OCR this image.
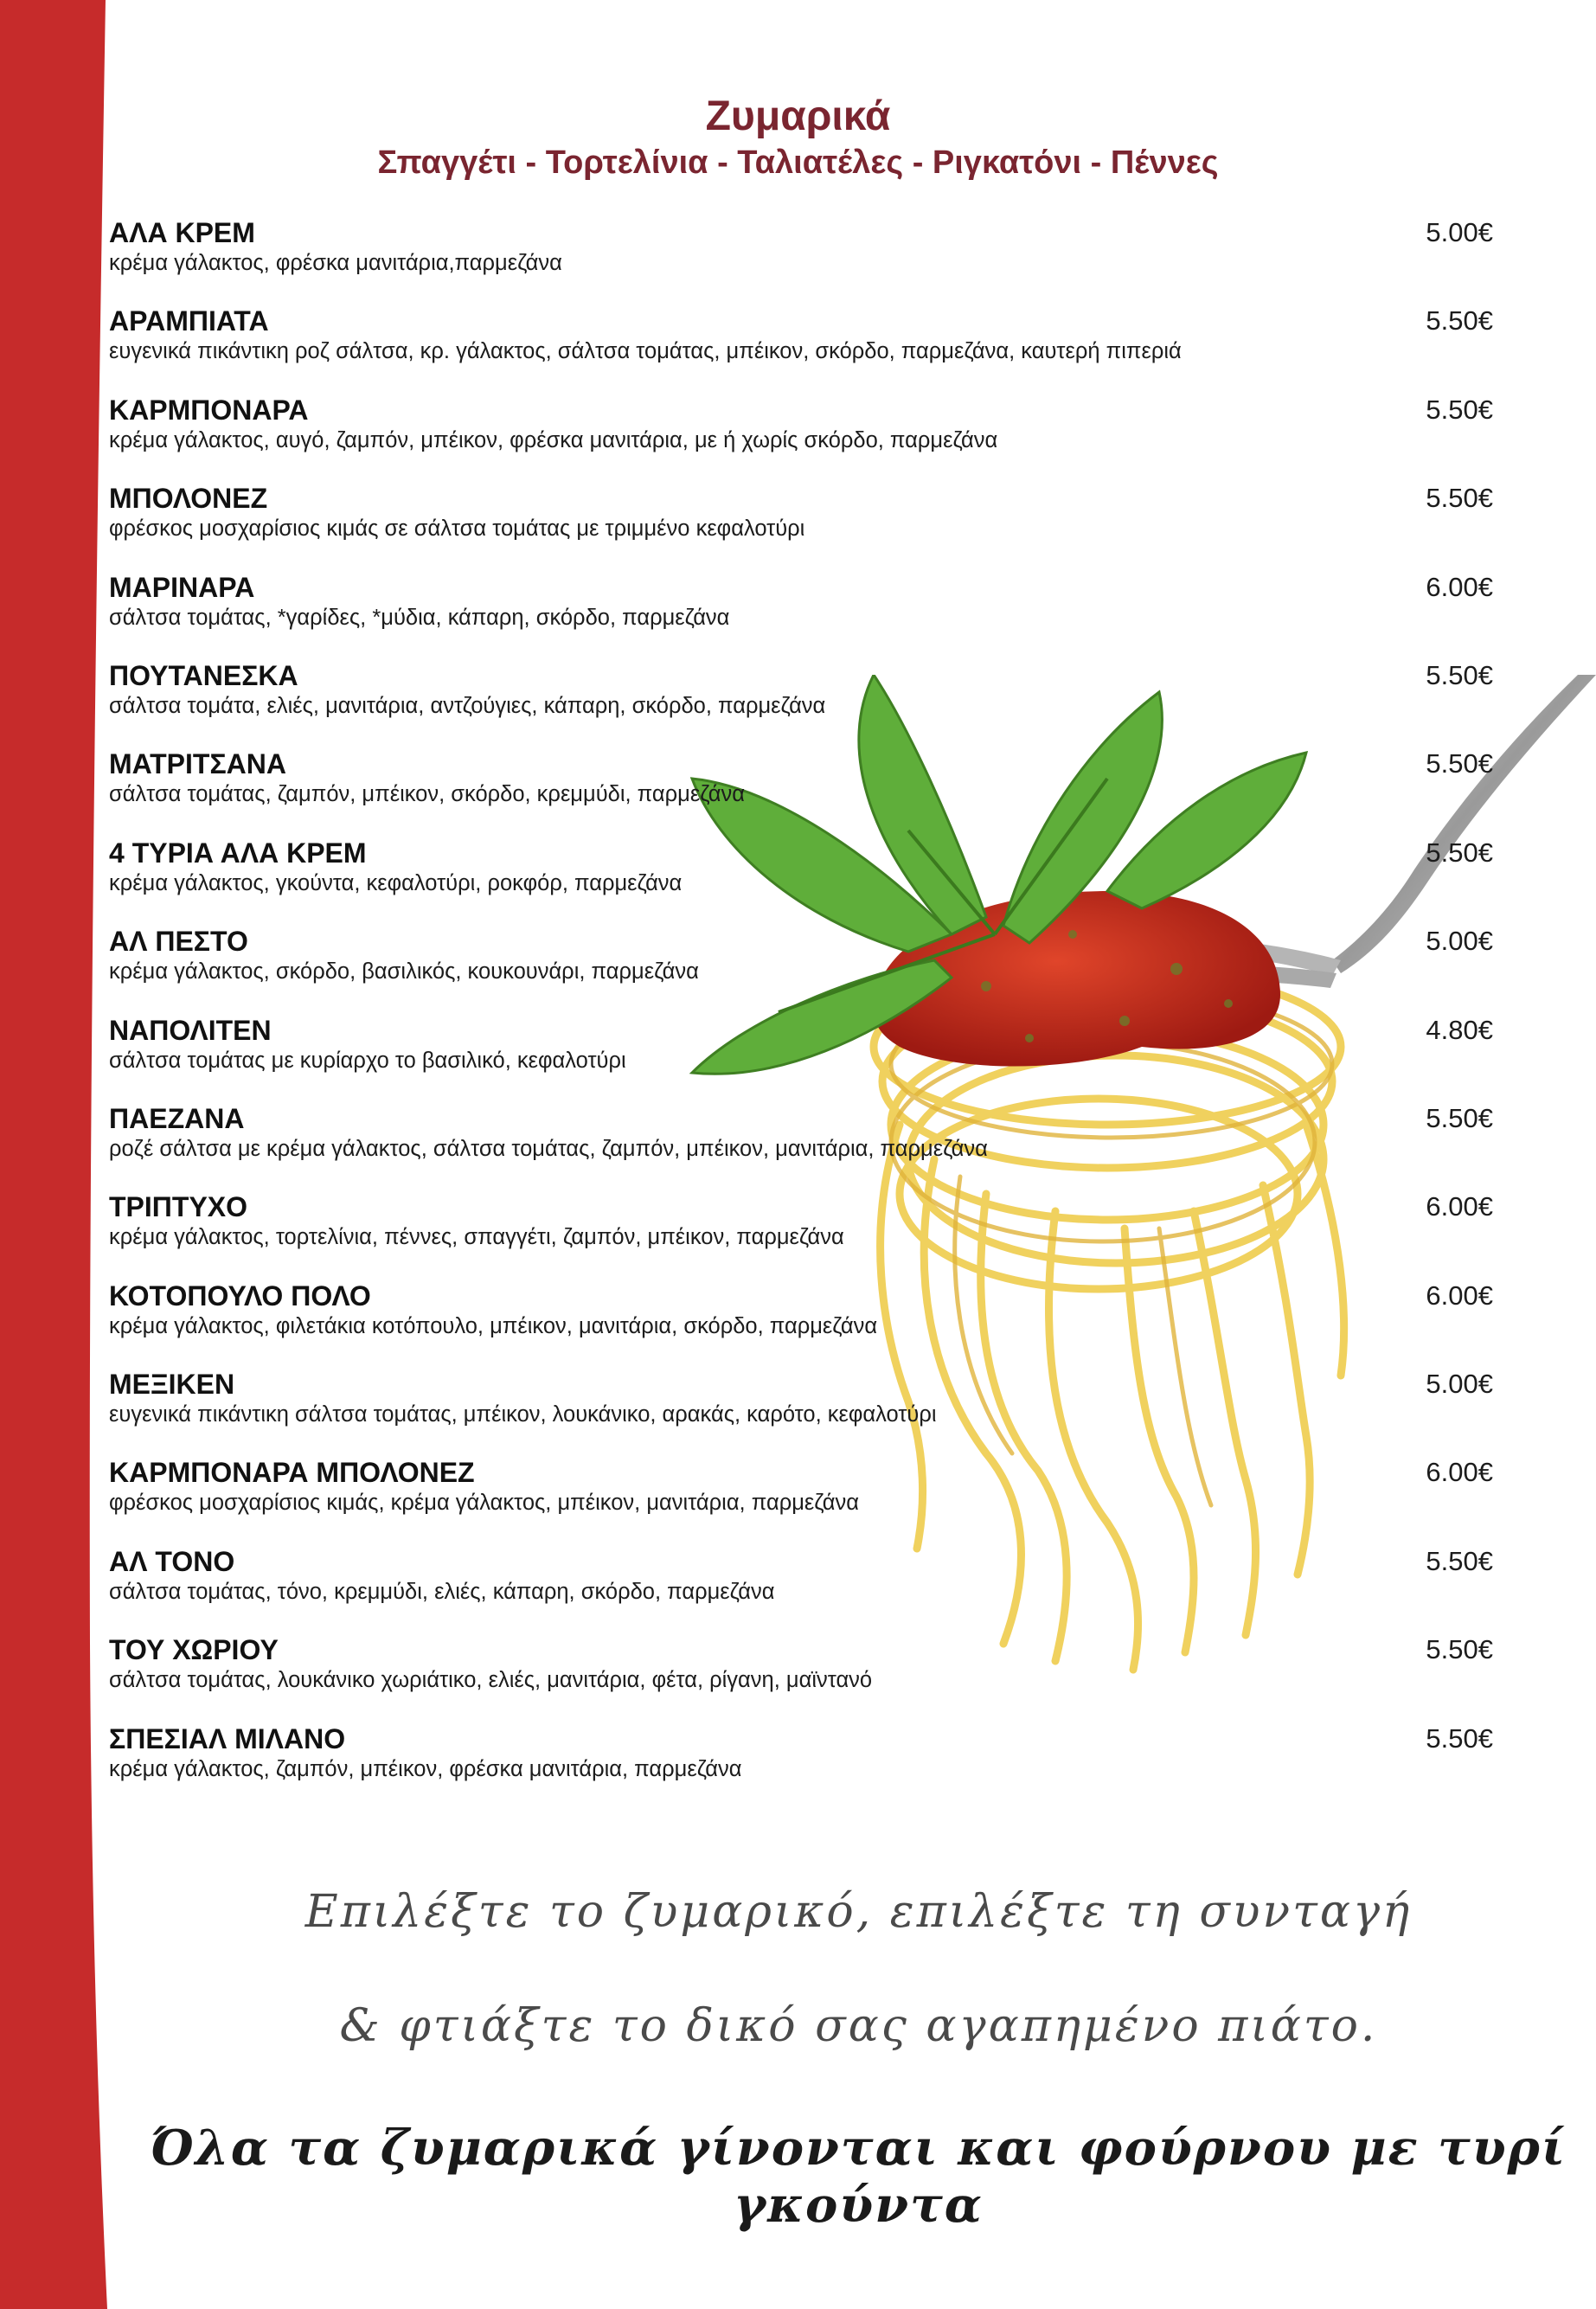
Ζυμαρικά
Σπαγγέτι - Τορτελίνια - Ταλιατέλες - Ριγκατόνι - Πέννες
ΑΛΑ ΚΡΕΜ
κρέμα γάλακτος, φρέσκα μανιτάρια,παρμεζάνα
5.00€
ΑΡΑΜΠΙΑΤΑ
ευγενικά πικάντικη ροζ σάλτσα, κρ. γάλακτος, σάλτσα τομάτας, μπέικον, σκόρδο, παρμεζάνα, καυτερή πιπεριά
5.50€
ΚΑΡΜΠΟΝΑΡΑ
κρέμα γάλακτος, αυγό, ζαμπόν, μπέικον, φρέσκα μανιτάρια, με ή χωρίς σκόρδο, παρμεζάνα
5.50€
ΜΠΟΛΟΝΕΖ
φρέσκος μοσχαρίσιος κιμάς σε σάλτσα τομάτας με τριμμένο κεφαλοτύρι
5.50€
ΜΑΡΙΝΑΡΑ
σάλτσα τομάτας, *γαρίδες, *μύδια, κάπαρη, σκόρδο, παρμεζάνα
6.00€
ΠΟΥΤΑΝΕΣΚΑ
σάλτσα τομάτα, ελιές, μανιτάρια, αντζούγιες, κάπαρη, σκόρδο, παρμεζάνα
5.50€
ΜΑΤΡΙΤΣΑΝΑ
σάλτσα τομάτας, ζαμπόν, μπέικον, σκόρδο, κρεμμύδι, παρμεζάνα
5.50€
4 ΤΥΡΙΑ ΑΛΑ ΚΡΕΜ
κρέμα γάλακτος, γκούντα, κεφαλοτύρι, ροκφόρ, παρμεζάνα
5.50€
ΑΛ ΠΕΣΤΟ
κρέμα γάλακτος, σκόρδο, βασιλικός, κουκουνάρι, παρμεζάνα
5.00€
ΝΑΠΟΛΙΤΕΝ
σάλτσα τομάτας με κυρίαρχο το βασιλικό, κεφαλοτύρι
4.80€
ΠΑΕΖΑΝΑ
ροζέ σάλτσα με κρέμα γάλακτος, σάλτσα τομάτας, ζαμπόν, μπέικον, μανιτάρια, παρμεζάνα
5.50€
ΤΡΙΠΤΥΧΟ
κρέμα γάλακτος, τορτελίνια, πέννες, σπαγγέτι, ζαμπόν, μπέικον, παρμεζάνα
6.00€
ΚΟΤΟΠΟΥΛΟ ΠΟΛΟ
κρέμα γάλακτος, φιλετάκια κοτόπουλο, μπέικον, μανιτάρια, σκόρδο, παρμεζάνα
6.00€
ΜΕΞΙΚΕΝ
ευγενικά πικάντικη σάλτσα τομάτας, μπέικον, λουκάνικο, αρακάς, καρότο, κεφαλοτύρι
5.00€
ΚΑΡΜΠΟΝΑΡΑ ΜΠΟΛΟΝΕΖ
φρέσκος μοσχαρίσιος κιμάς, κρέμα γάλακτος, μπέικον, μανιτάρια, παρμεζάνα
6.00€
ΑΛ ΤΟΝΟ
σάλτσα τομάτας, τόνο, κρεμμύδι, ελιές, κάπαρη, σκόρδο, παρμεζάνα
5.50€
ΤΟΥ ΧΩΡΙΟΥ
σάλτσα τομάτας, λουκάνικο χωριάτικο, ελιές, μανιτάρια, φέτα, ρίγανη, μαϊντανό
5.50€
ΣΠΕΣΙΑΛ ΜΙΛΑΝΟ
κρέμα γάλακτος, ζαμπόν, μπέικον, φρέσκα μανιτάρια, παρμεζάνα
5.50€
Επιλέξτε το ζυμαρικό, επιλέξτε τη συνταγή
& φτιάξτε το δικό σας αγαπημένο πιάτο.
Όλα τα ζυμαρικά γίνονται και φούρνου με τυρί γκούντα
